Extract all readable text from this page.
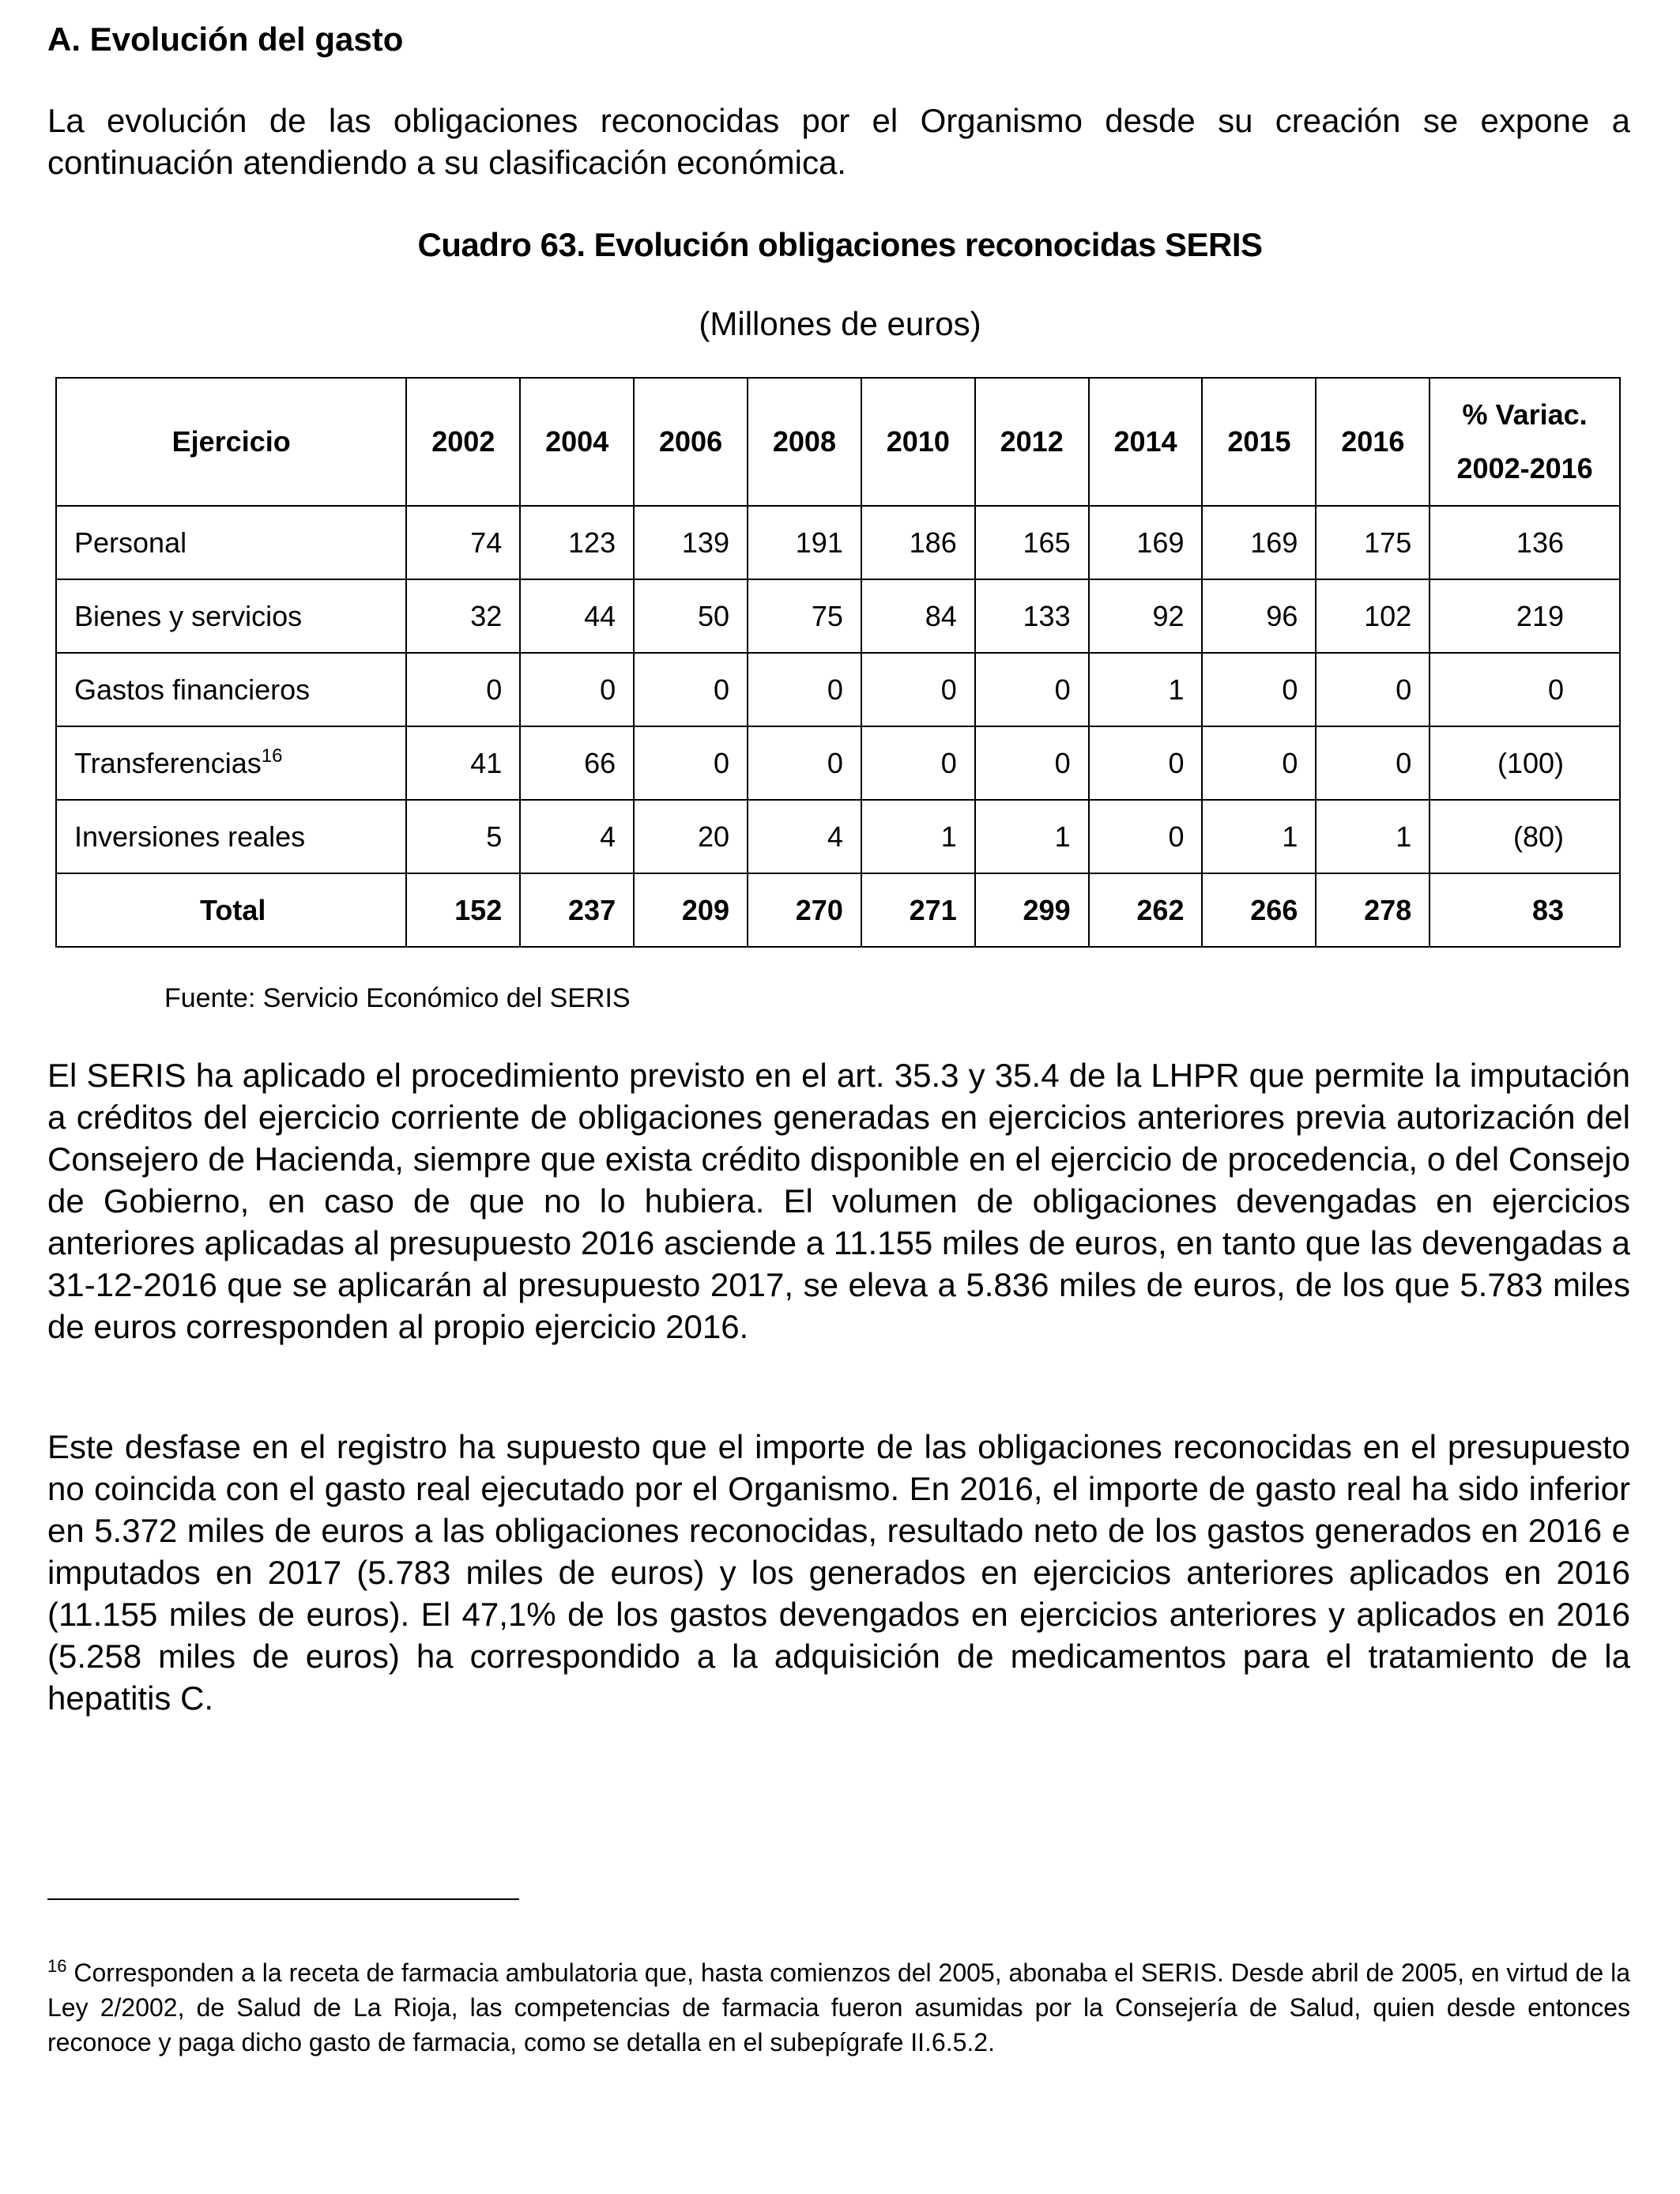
A. Evolución del gasto

La evolución de las obligaciones reconocidas por el Organismo desde su creación se expone a continuación atendiendo a su clasificación económica.

Cuadro 63. Evolución obligaciones reconocidas SERIS

(Millones de euros)

Ejercicio	2002	2004	2006	2008	2010	2012	2014	2015	2016	% Variac.
2002-2016
Personal	74	123	139	191	186	165	169	169	175	136
Bienes y servicios	32	44	50	75	84	133	92	96	102	219
Gastos financieros	0	0	0	0	0	0	1	0	0	0
Transferencias$^{16}$	41	66	0	0	0	0	0	0	0	(100)
Inversiones reales	5	4	20	4	1	1	0	1	1	(80)
Total	152	237	209	270	271	299	262	266	278	83

Fuente: Servicio Económico del SERIS

El SERIS ha aplicado el procedimiento previsto en el art. 35.3 y 35.4 de la LHPR que permite la imputación a créditos del ejercicio corriente de obligaciones generadas en ejercicios anteriores previa autorización del Consejero de Hacienda, siempre que exista crédito disponible en el ejercicio de procedencia, o del Consejo de Gobierno, en caso de que no lo hubiera. El volumen de obligaciones devengadas en ejercicios anteriores aplicadas al presupuesto 2016 asciende a 11.155 miles de euros, en tanto que las devengadas a 31-12-2016 que se aplicarán al presupuesto 2017, se eleva a 5.836 miles de euros, de los que 5.783 miles de euros corresponden al propio ejercicio 2016.

Este desfase en el registro ha supuesto que el importe de las obligaciones reconocidas en el presupuesto no coincida con el gasto real ejecutado por el Organismo. En 2016, el importe de gasto real ha sido inferior en 5.372 miles de euros a las obligaciones reconocidas, resultado neto de los gastos generados en 2016 e imputados en 2017 (5.783 miles de euros) y los generados en ejercicios anteriores aplicados en 2016 (11.155 miles de euros). El 47,1% de los gastos devengados en ejercicios anteriores y aplicados en 2016 (5.258 miles de euros) ha correspondido a la adquisición de medicamentos para el tratamiento de la hepatitis C.

$^{16}$ Corresponden a la receta de farmacia ambulatoria que, hasta comienzos del 2005, abonaba el SERIS. Desde abril de 2005, en virtud de la Ley 2/2002, de Salud de La Rioja, las competencias de farmacia fueron asumidas por la Consejería de Salud, quien desde entonces reconoce y paga dicho gasto de farmacia, como se detalla en el subepígrafe II.6.5.2.
